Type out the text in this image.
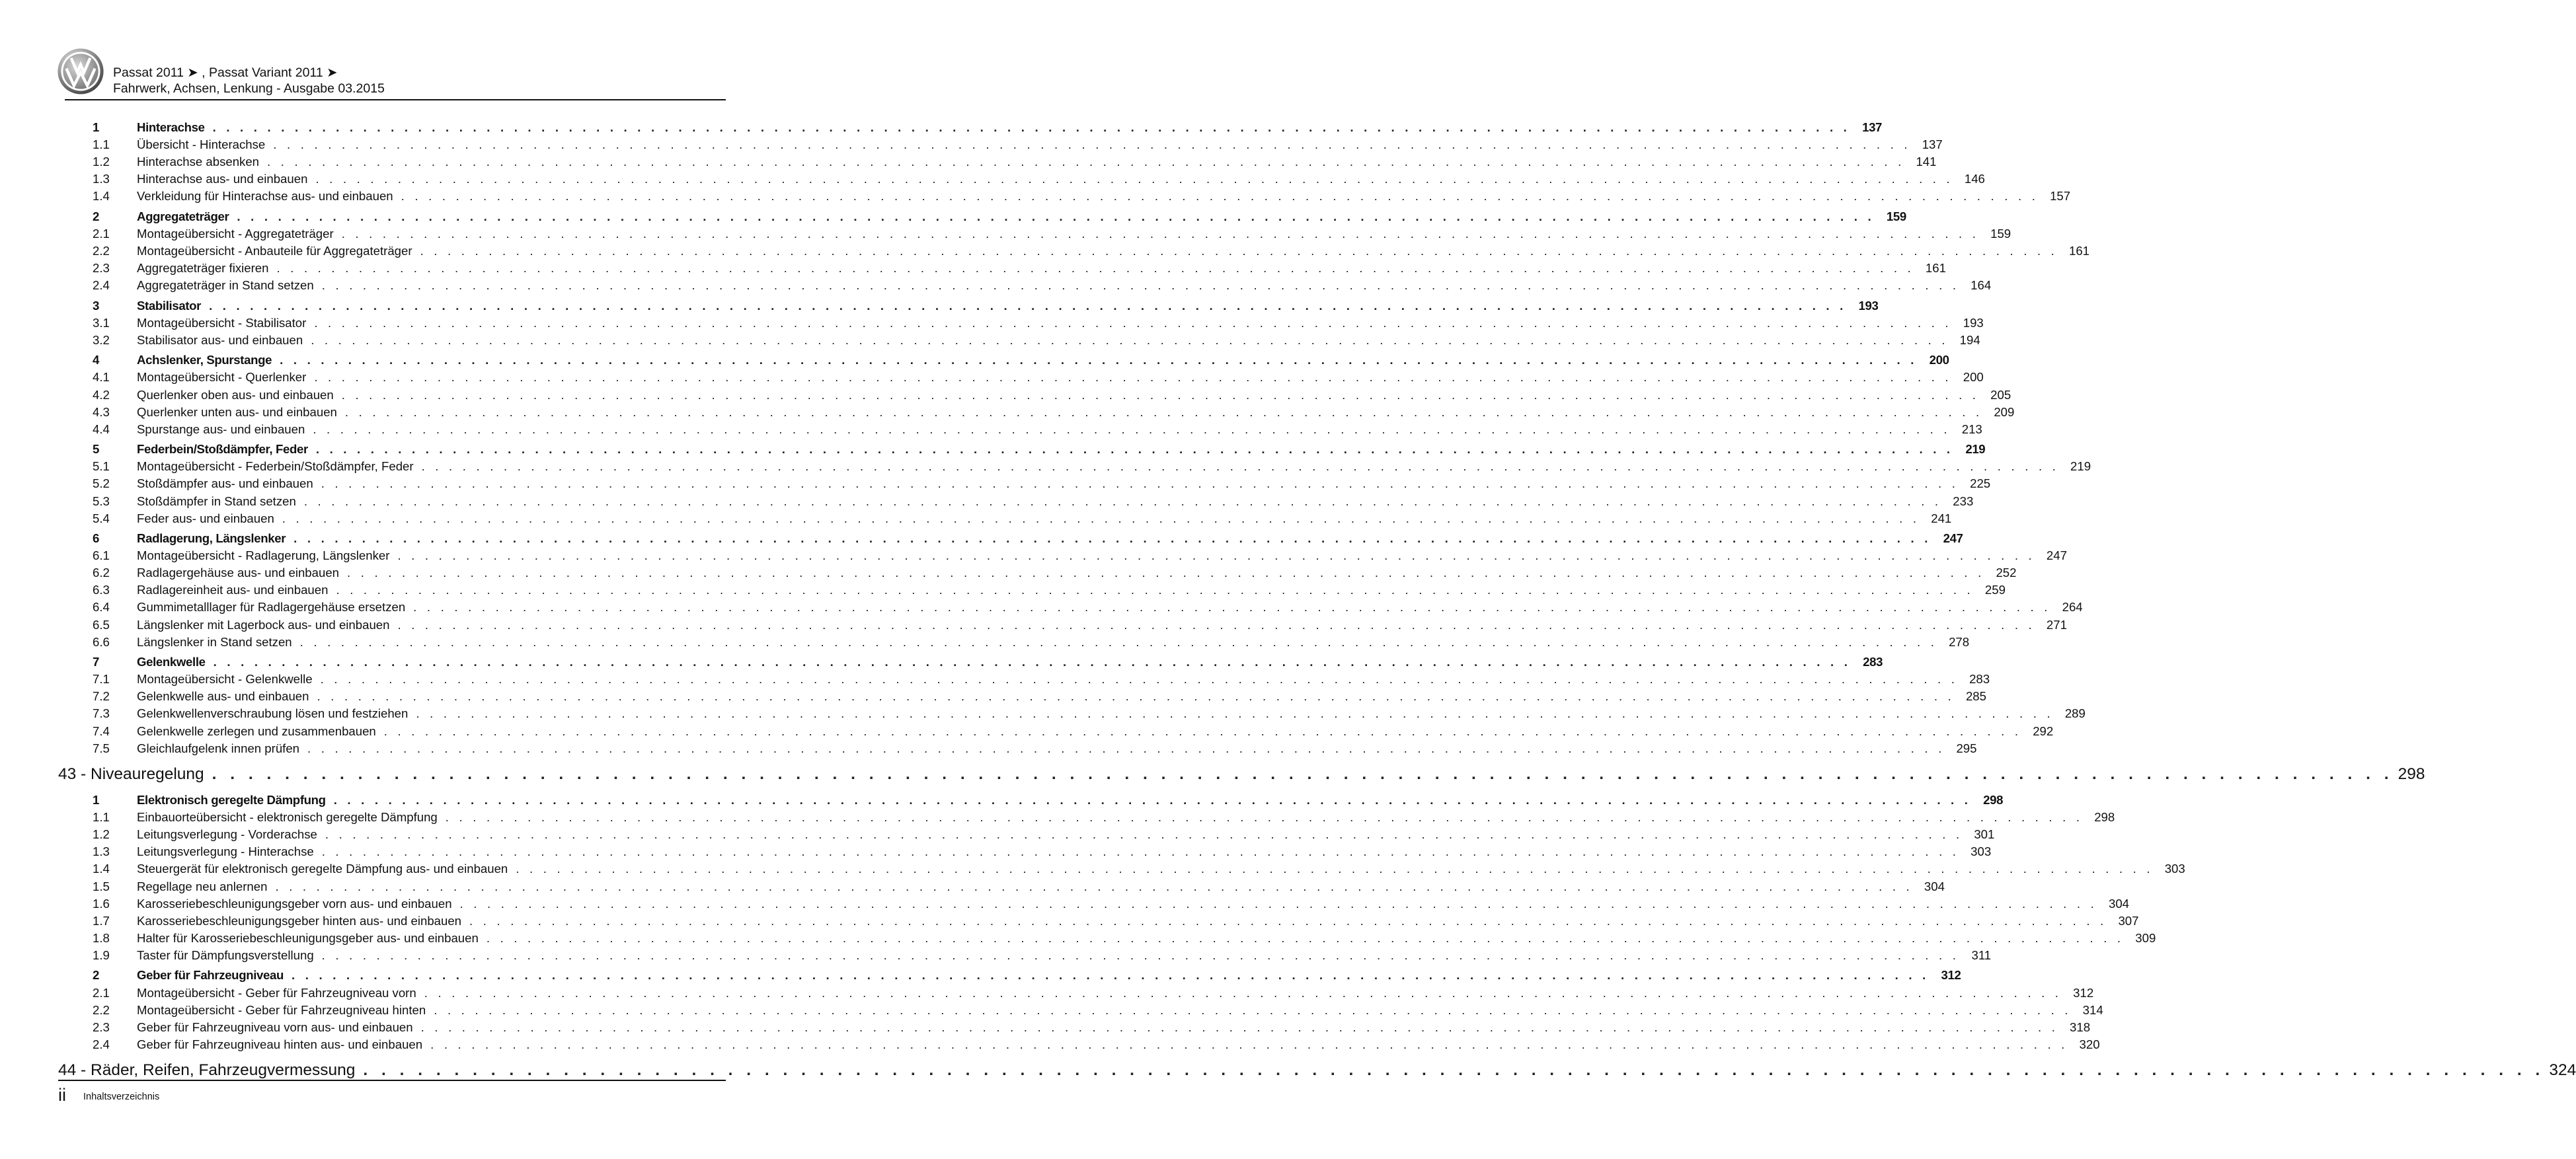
Passat 2011 ➤ , Passat Variant 2011 ➤
Fahrwerk, Achsen, Lenkung - Ausgabe 03.2015
1	Hinterachse . . . . . . . . . . . . . . . . . . . . . . . . . . . . . . . . . . . . . . . . . . . . . . . . . . . . . . . . . . . . . . . . . . . . . . . . . . . . . . . . . . . . . . . . . . . . . . . . . . . . . . . . . . . . . . . . . . . . . . . . 137
1.1	Übersicht - Hinterachse . . . . . . . . . . . . . . . . . . . . . . . . . . . . . . . . . . . . . . . . . . . . . . . . . . . . . . . . . . . . . . . . . . . . . . . . . . . . . . . . . . . . . . . . . . . . . . . . . . . . . . . . . . . . . . . . . . . . . . . . 137
1.2	Hinterachse absenken . . . . . . . . . . . . . . . . . . . . . . . . . . . . . . . . . . . . . . . . . . . . . . . . . . . . . . . . . . . . . . . . . . . . . . . . . . . . . . . . . . . . . . . . . . . . . . . . . . . . . . . . . . . . . . . . . . . . . . . . 141
1.3	Hinterachse aus- und einbauen . . . . . . . . . . . . . . . . . . . . . . . . . . . . . . . . . . . . . . . . . . . . . . . . . . . . . . . . . . . . . . . . . . . . . . . . . . . . . . . . . . . . . . . . . . . . . . . . . . . . . . . . . . . . . . . . . . . . . . . . 146
1.4	Verkleidung für Hinterachse aus- und einbauen . . . . . . . . . . . . . . . . . . . . . . . . . . . . . . . . . . . . . . . . . . . . . . . . . . . . . . . . . . . . . . . . . . . . . . . . . . . . . . . . . . . . . . . . . . . . . . . . . . . . . . . . . . . . . . . . . . . . . . . . 157
2	Aggregateträger . . . . . . . . . . . . . . . . . . . . . . . . . . . . . . . . . . . . . . . . . . . . . . . . . . . . . . . . . . . . . . . . . . . . . . . . . . . . . . . . . . . . . . . . . . . . . . . . . . . . . . . . . . . . . . . . . . . . . . . . 159
2.1	Montageübersicht - Aggregateträger . . . . . . . . . . . . . . . . . . . . . . . . . . . . . . . . . . . . . . . . . . . . . . . . . . . . . . . . . . . . . . . . . . . . . . . . . . . . . . . . . . . . . . . . . . . . . . . . . . . . . . . . . . . . . . . . . . . . . . . . 159
2.2	Montageübersicht - Anbauteile für Aggregateträger . . . . . . . . . . . . . . . . . . . . . . . . . . . . . . . . . . . . . . . . . . . . . . . . . . . . . . . . . . . . . . . . . . . . . . . . . . . . . . . . . . . . . . . . . . . . . . . . . . . . . . . . . . . . . . . . . . . . . . . . 161
2.3	Aggregateträger fixieren . . . . . . . . . . . . . . . . . . . . . . . . . . . . . . . . . . . . . . . . . . . . . . . . . . . . . . . . . . . . . . . . . . . . . . . . . . . . . . . . . . . . . . . . . . . . . . . . . . . . . . . . . . . . . . . . . . . . . . . . 161
2.4	Aggregateträger in Stand setzen . . . . . . . . . . . . . . . . . . . . . . . . . . . . . . . . . . . . . . . . . . . . . . . . . . . . . . . . . . . . . . . . . . . . . . . . . . . . . . . . . . . . . . . . . . . . . . . . . . . . . . . . . . . . . . . . . . . . . . . . 164
3	Stabilisator . . . . . . . . . . . . . . . . . . . . . . . . . . . . . . . . . . . . . . . . . . . . . . . . . . . . . . . . . . . . . . . . . . . . . . . . . . . . . . . . . . . . . . . . . . . . . . . . . . . . . . . . . . . . . . . . . . . . . . . . 193
3.1	Montageübersicht - Stabilisator . . . . . . . . . . . . . . . . . . . . . . . . . . . . . . . . . . . . . . . . . . . . . . . . . . . . . . . . . . . . . . . . . . . . . . . . . . . . . . . . . . . . . . . . . . . . . . . . . . . . . . . . . . . . . . . . . . . . . . . . 193
3.2	Stabilisator aus- und einbauen . . . . . . . . . . . . . . . . . . . . . . . . . . . . . . . . . . . . . . . . . . . . . . . . . . . . . . . . . . . . . . . . . . . . . . . . . . . . . . . . . . . . . . . . . . . . . . . . . . . . . . . . . . . . . . . . . . . . . . . . 194
4	Achslenker, Spurstange . . . . . . . . . . . . . . . . . . . . . . . . . . . . . . . . . . . . . . . . . . . . . . . . . . . . . . . . . . . . . . . . . . . . . . . . . . . . . . . . . . . . . . . . . . . . . . . . . . . . . . . . . . . . . . . . . . . . . . . . 200
4.1	Montageübersicht - Querlenker . . . . . . . . . . . . . . . . . . . . . . . . . . . . . . . . . . . . . . . . . . . . . . . . . . . . . . . . . . . . . . . . . . . . . . . . . . . . . . . . . . . . . . . . . . . . . . . . . . . . . . . . . . . . . . . . . . . . . . . . 200
4.2	Querlenker oben aus- und einbauen . . . . . . . . . . . . . . . . . . . . . . . . . . . . . . . . . . . . . . . . . . . . . . . . . . . . . . . . . . . . . . . . . . . . . . . . . . . . . . . . . . . . . . . . . . . . . . . . . . . . . . . . . . . . . . . . . . . . . . . . 205
4.3	Querlenker unten aus- und einbauen . . . . . . . . . . . . . . . . . . . . . . . . . . . . . . . . . . . . . . . . . . . . . . . . . . . . . . . . . . . . . . . . . . . . . . . . . . . . . . . . . . . . . . . . . . . . . . . . . . . . . . . . . . . . . . . . . . . . . . . . 209
4.4	Spurstange aus- und einbauen . . . . . . . . . . . . . . . . . . . . . . . . . . . . . . . . . . . . . . . . . . . . . . . . . . . . . . . . . . . . . . . . . . . . . . . . . . . . . . . . . . . . . . . . . . . . . . . . . . . . . . . . . . . . . . . . . . . . . . . . 213
5	Federbein/Stoßdämpfer, Feder . . . . . . . . . . . . . . . . . . . . . . . . . . . . . . . . . . . . . . . . . . . . . . . . . . . . . . . . . . . . . . . . . . . . . . . . . . . . . . . . . . . . . . . . . . . . . . . . . . . . . . . . . . . . . . . . . . . . . . . . 219
5.1	Montageübersicht - Federbein/Stoßdämpfer, Feder . . . . . . . . . . . . . . . . . . . . . . . . . . . . . . . . . . . . . . . . . . . . . . . . . . . . . . . . . . . . . . . . . . . . . . . . . . . . . . . . . . . . . . . . . . . . . . . . . . . . . . . . . . . . . . . . . . . . . . . . 219
5.2	Stoßdämpfer aus- und einbauen . . . . . . . . . . . . . . . . . . . . . . . . . . . . . . . . . . . . . . . . . . . . . . . . . . . . . . . . . . . . . . . . . . . . . . . . . . . . . . . . . . . . . . . . . . . . . . . . . . . . . . . . . . . . . . . . . . . . . . . . 225
5.3	Stoßdämpfer in Stand setzen . . . . . . . . . . . . . . . . . . . . . . . . . . . . . . . . . . . . . . . . . . . . . . . . . . . . . . . . . . . . . . . . . . . . . . . . . . . . . . . . . . . . . . . . . . . . . . . . . . . . . . . . . . . . . . . . . . . . . . . . 233
5.4	Feder aus- und einbauen . . . . . . . . . . . . . . . . . . . . . . . . . . . . . . . . . . . . . . . . . . . . . . . . . . . . . . . . . . . . . . . . . . . . . . . . . . . . . . . . . . . . . . . . . . . . . . . . . . . . . . . . . . . . . . . . . . . . . . . . 241
6	Radlagerung, Längslenker . . . . . . . . . . . . . . . . . . . . . . . . . . . . . . . . . . . . . . . . . . . . . . . . . . . . . . . . . . . . . . . . . . . . . . . . . . . . . . . . . . . . . . . . . . . . . . . . . . . . . . . . . . . . . . . . . . . . . . . . 247
6.1	Montageübersicht - Radlagerung, Längslenker . . . . . . . . . . . . . . . . . . . . . . . . . . . . . . . . . . . . . . . . . . . . . . . . . . . . . . . . . . . . . . . . . . . . . . . . . . . . . . . . . . . . . . . . . . . . . . . . . . . . . . . . . . . . . . . . . . . . . . . . 247
6.2	Radlagergehäuse aus- und einbauen . . . . . . . . . . . . . . . . . . . . . . . . . . . . . . . . . . . . . . . . . . . . . . . . . . . . . . . . . . . . . . . . . . . . . . . . . . . . . . . . . . . . . . . . . . . . . . . . . . . . . . . . . . . . . . . . . . . . . . . . 252
6.3	Radlagereinheit aus- und einbauen . . . . . . . . . . . . . . . . . . . . . . . . . . . . . . . . . . . . . . . . . . . . . . . . . . . . . . . . . . . . . . . . . . . . . . . . . . . . . . . . . . . . . . . . . . . . . . . . . . . . . . . . . . . . . . . . . . . . . . . . 259
6.4	Gummimetalllager für Radlagergehäuse ersetzen . . . . . . . . . . . . . . . . . . . . . . . . . . . . . . . . . . . . . . . . . . . . . . . . . . . . . . . . . . . . . . . . . . . . . . . . . . . . . . . . . . . . . . . . . . . . . . . . . . . . . . . . . . . . . . . . . . . . . . . . 264
6.5	Längslenker mit Lagerbock aus- und einbauen . . . . . . . . . . . . . . . . . . . . . . . . . . . . . . . . . . . . . . . . . . . . . . . . . . . . . . . . . . . . . . . . . . . . . . . . . . . . . . . . . . . . . . . . . . . . . . . . . . . . . . . . . . . . . . . . . . . . . . . . 271
6.6	Längslenker in Stand setzen . . . . . . . . . . . . . . . . . . . . . . . . . . . . . . . . . . . . . . . . . . . . . . . . . . . . . . . . . . . . . . . . . . . . . . . . . . . . . . . . . . . . . . . . . . . . . . . . . . . . . . . . . . . . . . . . . . . . . . . . 278
7	Gelenkwelle . . . . . . . . . . . . . . . . . . . . . . . . . . . . . . . . . . . . . . . . . . . . . . . . . . . . . . . . . . . . . . . . . . . . . . . . . . . . . . . . . . . . . . . . . . . . . . . . . . . . . . . . . . . . . . . . . . . . . . . . 283
7.1	Montageübersicht - Gelenkwelle . . . . . . . . . . . . . . . . . . . . . . . . . . . . . . . . . . . . . . . . . . . . . . . . . . . . . . . . . . . . . . . . . . . . . . . . . . . . . . . . . . . . . . . . . . . . . . . . . . . . . . . . . . . . . . . . . . . . . . . . 283
7.2	Gelenkwelle aus- und einbauen . . . . . . . . . . . . . . . . . . . . . . . . . . . . . . . . . . . . . . . . . . . . . . . . . . . . . . . . . . . . . . . . . . . . . . . . . . . . . . . . . . . . . . . . . . . . . . . . . . . . . . . . . . . . . . . . . . . . . . . . 285
7.3	Gelenkwellenverschraubung lösen und festziehen . . . . . . . . . . . . . . . . . . . . . . . . . . . . . . . . . . . . . . . . . . . . . . . . . . . . . . . . . . . . . . . . . . . . . . . . . . . . . . . . . . . . . . . . . . . . . . . . . . . . . . . . . . . . . . . . . . . . . . . . 289
7.4	Gelenkwelle zerlegen und zusammenbauen . . . . . . . . . . . . . . . . . . . . . . . . . . . . . . . . . . . . . . . . . . . . . . . . . . . . . . . . . . . . . . . . . . . . . . . . . . . . . . . . . . . . . . . . . . . . . . . . . . . . . . . . . . . . . . . . . . . . . . . . 292
7.5	Gleichlaufgelenk innen prüfen . . . . . . . . . . . . . . . . . . . . . . . . . . . . . . . . . . . . . . . . . . . . . . . . . . . . . . . . . . . . . . . . . . . . . . . . . . . . . . . . . . . . . . . . . . . . . . . . . . . . . . . . . . . . . . . . . . . . . . . . 295
43 - Niveauregelung . . . . . . . . . . . . . . . . . . . . . . . . . . . . . . . . . . . . . . . . . . . . . . . . . . . . . . . . . . . . . . . . . . . . . . . . . . . . . . . . . . . . . . . . . . . . . . . . . . . . . . . . . . . . . . . . . . . . . . . . 298
1	Elektronisch geregelte Dämpfung . . . . . . . . . . . . . . . . . . . . . . . . . . . . . . . . . . . . . . . . . . . . . . . . . . . . . . . . . . . . . . . . . . . . . . . . . . . . . . . . . . . . . . . . . . . . . . . . . . . . . . . . . . . . . . . . . . . . . . . . 298
1.1	Einbauorteübersicht - elektronisch geregelte Dämpfung . . . . . . . . . . . . . . . . . . . . . . . . . . . . . . . . . . . . . . . . . . . . . . . . . . . . . . . . . . . . . . . . . . . . . . . . . . . . . . . . . . . . . . . . . . . . . . . . . . . . . . . . . . . . . . . . . . . . . . . . 298
1.2	Leitungsverlegung - Vorderachse . . . . . . . . . . . . . . . . . . . . . . . . . . . . . . . . . . . . . . . . . . . . . . . . . . . . . . . . . . . . . . . . . . . . . . . . . . . . . . . . . . . . . . . . . . . . . . . . . . . . . . . . . . . . . . . . . . . . . . . . 301
1.3	Leitungsverlegung - Hinterachse . . . . . . . . . . . . . . . . . . . . . . . . . . . . . . . . . . . . . . . . . . . . . . . . . . . . . . . . . . . . . . . . . . . . . . . . . . . . . . . . . . . . . . . . . . . . . . . . . . . . . . . . . . . . . . . . . . . . . . . . 303
1.4	Steuergerät für elektronisch geregelte Dämpfung aus- und einbauen . . . . . . . . . . . . . . . . . . . . . . . . . . . . . . . . . . . . . . . . . . . . . . . . . . . . . . . . . . . . . . . . . . . . . . . . . . . . . . . . . . . . . . . . . . . . . . . . . . . . . . . . . . . . . . . . . . . . . . . . 303
1.5	Regellage neu anlernen . . . . . . . . . . . . . . . . . . . . . . . . . . . . . . . . . . . . . . . . . . . . . . . . . . . . . . . . . . . . . . . . . . . . . . . . . . . . . . . . . . . . . . . . . . . . . . . . . . . . . . . . . . . . . . . . . . . . . . . . 304
1.6	Karosseriebeschleunigungsgeber vorn aus- und einbauen . . . . . . . . . . . . . . . . . . . . . . . . . . . . . . . . . . . . . . . . . . . . . . . . . . . . . . . . . . . . . . . . . . . . . . . . . . . . . . . . . . . . . . . . . . . . . . . . . . . . . . . . . . . . . . . . . . . . . . . . 304
1.7	Karosseriebeschleunigungsgeber hinten aus- und einbauen . . . . . . . . . . . . . . . . . . . . . . . . . . . . . . . . . . . . . . . . . . . . . . . . . . . . . . . . . . . . . . . . . . . . . . . . . . . . . . . . . . . . . . . . . . . . . . . . . . . . . . . . . . . . . . . . . . . . . . . . 307
1.8	Halter für Karosseriebeschleunigungsgeber aus- und einbauen . . . . . . . . . . . . . . . . . . . . . . . . . . . . . . . . . . . . . . . . . . . . . . . . . . . . . . . . . . . . . . . . . . . . . . . . . . . . . . . . . . . . . . . . . . . . . . . . . . . . . . . . . . . . . . . . . . . . . . . . 309
1.9	Taster für Dämpfungsverstellung . . . . . . . . . . . . . . . . . . . . . . . . . . . . . . . . . . . . . . . . . . . . . . . . . . . . . . . . . . . . . . . . . . . . . . . . . . . . . . . . . . . . . . . . . . . . . . . . . . . . . . . . . . . . . . . . . . . . . . . . 311
2	Geber für Fahrzeugniveau . . . . . . . . . . . . . . . . . . . . . . . . . . . . . . . . . . . . . . . . . . . . . . . . . . . . . . . . . . . . . . . . . . . . . . . . . . . . . . . . . . . . . . . . . . . . . . . . . . . . . . . . . . . . . . . . . . . . . . . . 312
2.1	Montageübersicht - Geber für Fahrzeugniveau vorn . . . . . . . . . . . . . . . . . . . . . . . . . . . . . . . . . . . . . . . . . . . . . . . . . . . . . . . . . . . . . . . . . . . . . . . . . . . . . . . . . . . . . . . . . . . . . . . . . . . . . . . . . . . . . . . . . . . . . . . . 312
2.2	Montageübersicht - Geber für Fahrzeugniveau hinten . . . . . . . . . . . . . . . . . . . . . . . . . . . . . . . . . . . . . . . . . . . . . . . . . . . . . . . . . . . . . . . . . . . . . . . . . . . . . . . . . . . . . . . . . . . . . . . . . . . . . . . . . . . . . . . . . . . . . . . . 314
2.3	Geber für Fahrzeugniveau vorn aus- und einbauen . . . . . . . . . . . . . . . . . . . . . . . . . . . . . . . . . . . . . . . . . . . . . . . . . . . . . . . . . . . . . . . . . . . . . . . . . . . . . . . . . . . . . . . . . . . . . . . . . . . . . . . . . . . . . . . . . . . . . . . . 318
2.4	Geber für Fahrzeugniveau hinten aus- und einbauen . . . . . . . . . . . . . . . . . . . . . . . . . . . . . . . . . . . . . . . . . . . . . . . . . . . . . . . . . . . . . . . . . . . . . . . . . . . . . . . . . . . . . . . . . . . . . . . . . . . . . . . . . . . . . . . . . . . . . . . . 320
44 - Räder, Reifen, Fahrzeugvermessung . . . . . . . . . . . . . . . . . . . . . . . . . . . . . . . . . . . . . . . . . . . . . . . . . . . . . . . . . . . . . . . . . . . . . . . . . . . . . . . . . . . . . . . . . . . . . . . . . . . . . . . . . . . . . . . . . . . . . . . . 324
ii Inhaltsverzeichnis
